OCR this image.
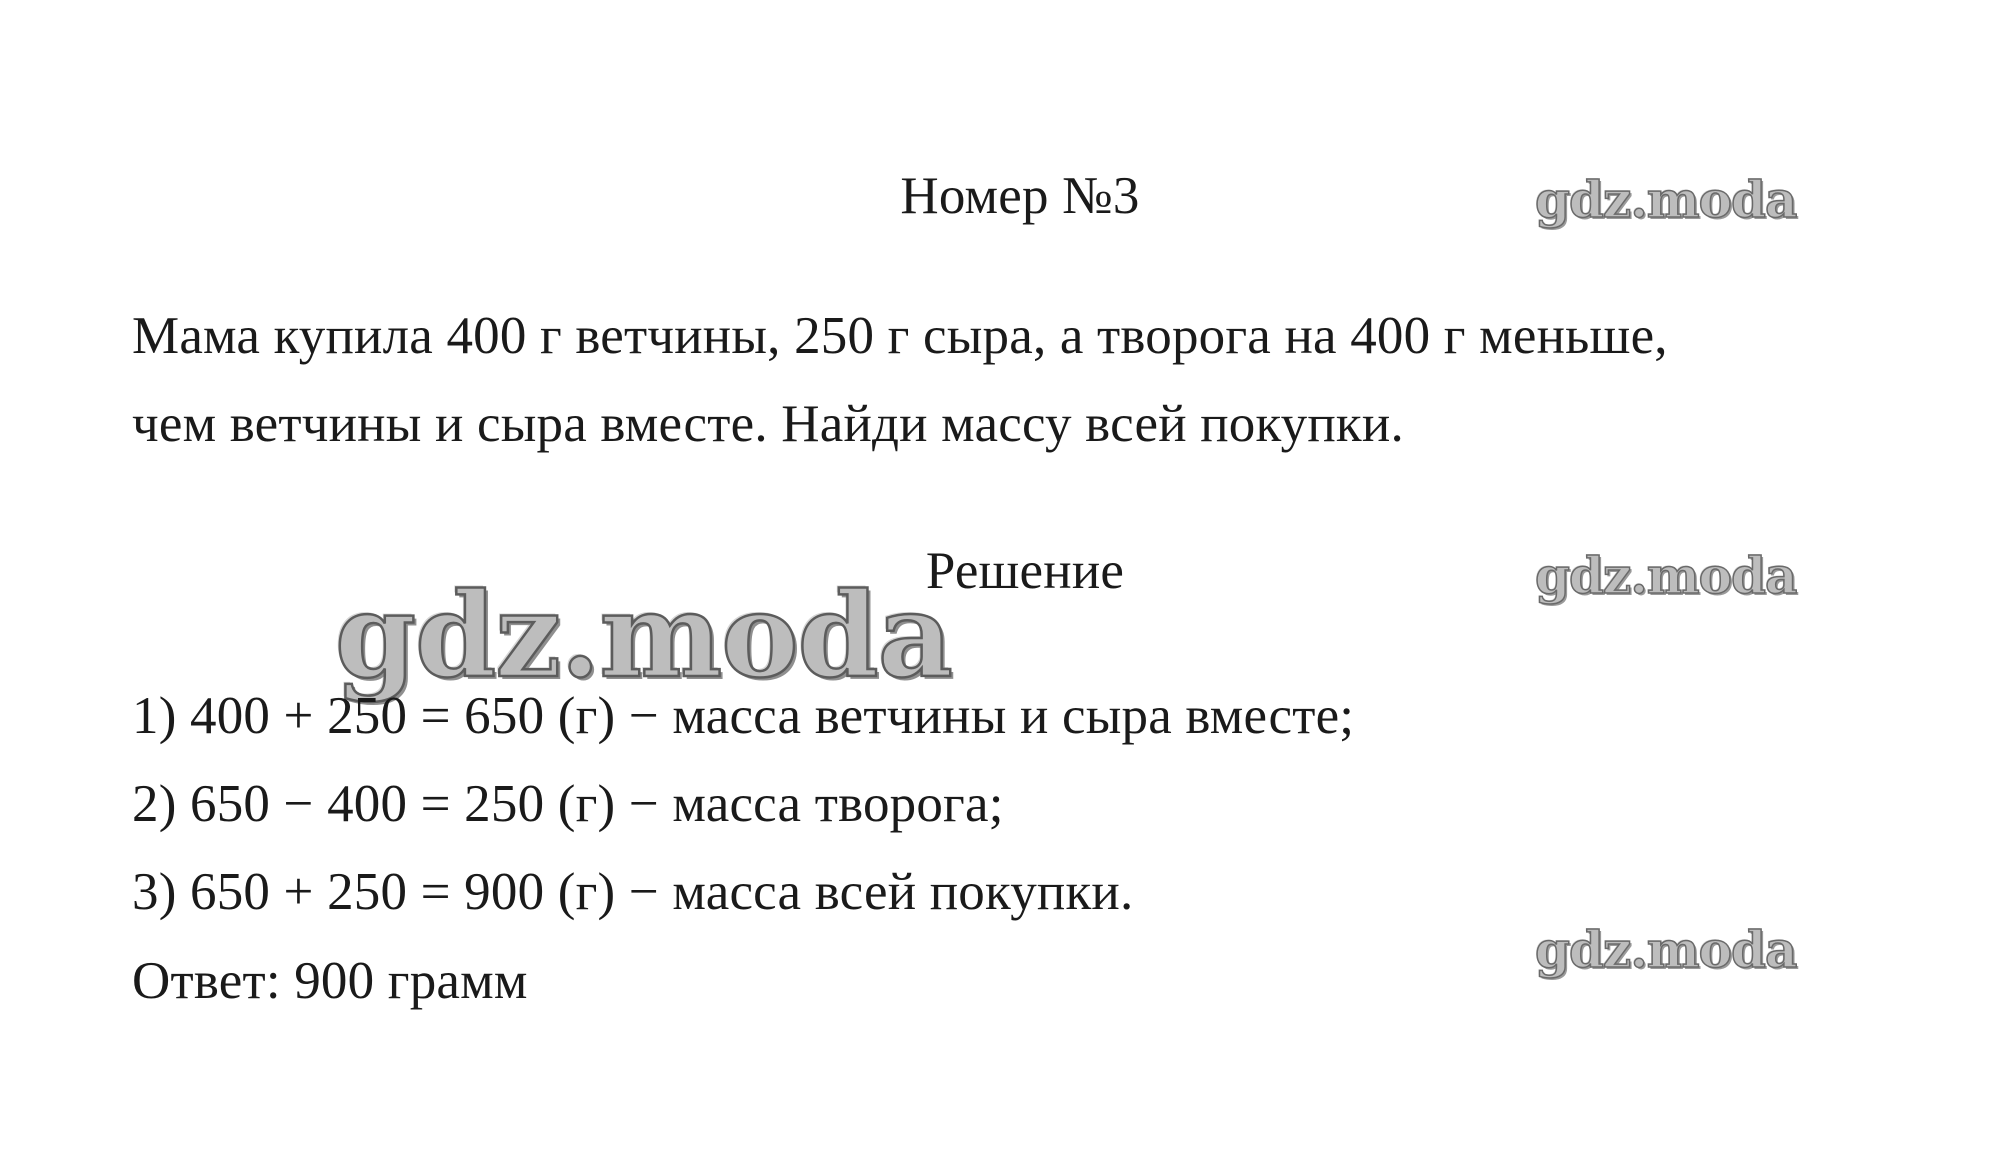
Номер №3	gdz.moda
Мама купила 400 г ветчины, 250 г сыра, а творога на 400 г меньше,
чем ветчины и сыра вместе. Найди массу всей покупки.
Решение	gdz.moda
gdz.moda
1) 400 + 250 = 650 (г) − масса ветчины и сыра вместе;
2) 650 − 400 = 250 (г) − масса творога;
3) 650 + 250 = 900 (г) − масса всей покупки.
gdz.moda
Ответ: 900 грамм
